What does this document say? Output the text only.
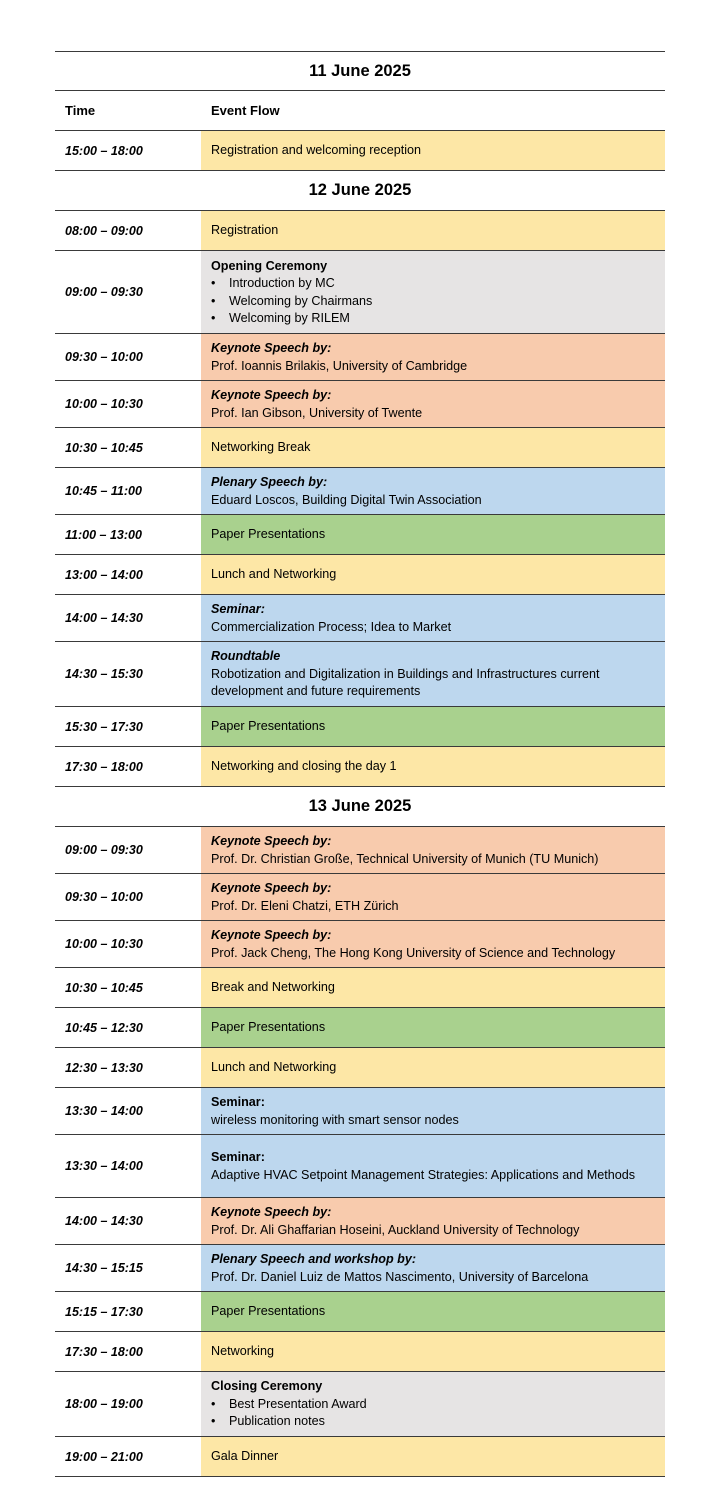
11 June 2025
Time	Event Flow
15:00 – 18:00	Registration and welcoming reception
12 June 2025
08:00 – 09:00	Registration
09:00 – 09:30
Opening Ceremony
•	Introduction by MC
•	Welcoming by Chairmans
•	Welcoming by RILEM
09:30 – 10:00
Keynote Speech by:
Prof. Ioannis Brilakis, University of Cambridge
10:00 – 10:30
Keynote Speech by:
Prof. Ian Gibson, University of Twente
10:30 – 10:45	Networking Break
10:45 – 11:00
Plenary Speech by:
Eduard Loscos, Building Digital Twin Association
11:00 – 13:00	Paper Presentations
13:00 – 14:00	Lunch and Networking
14:00 – 14:30
Seminar:
Commercialization Process; Idea to Market
14:30 – 15:30
Roundtable
Robotization and Digitalization in Buildings and Infrastructures current development and future requirements
15:30 – 17:30	Paper Presentations
17:30 – 18:00	Networking and closing the day 1
13 June 2025
09:00 – 09:30
Keynote Speech by:
Prof. Dr. Christian Große, Technical University of Munich (TU Munich)
09:30 – 10:00
Keynote Speech by:
Prof. Dr. Eleni Chatzi, ETH Zürich
10:00 – 10:30
Keynote Speech by:
Prof. Jack Cheng, The Hong Kong University of Science and Technology
10:30 – 10:45	Break and Networking
10:45 – 12:30	Paper Presentations
12:30 – 13:30	Lunch and Networking
13:30 – 14:00
Seminar:
wireless monitoring with smart sensor nodes
13:30 – 14:00
Seminar:
Adaptive HVAC Setpoint Management Strategies: Applications and Methods
14:00 – 14:30
Keynote Speech by:
Prof. Dr. Ali Ghaffarian Hoseini, Auckland University of Technology
14:30 – 15:15
Plenary Speech and workshop by:
Prof. Dr. Daniel Luiz de Mattos Nascimento, University of Barcelona
15:15 – 17:30	Paper Presentations
17:30 – 18:00	Networking
18:00 – 19:00
Closing Ceremony
•	Best Presentation Award
•	Publication notes
19:00 – 21:00	Gala Dinner
